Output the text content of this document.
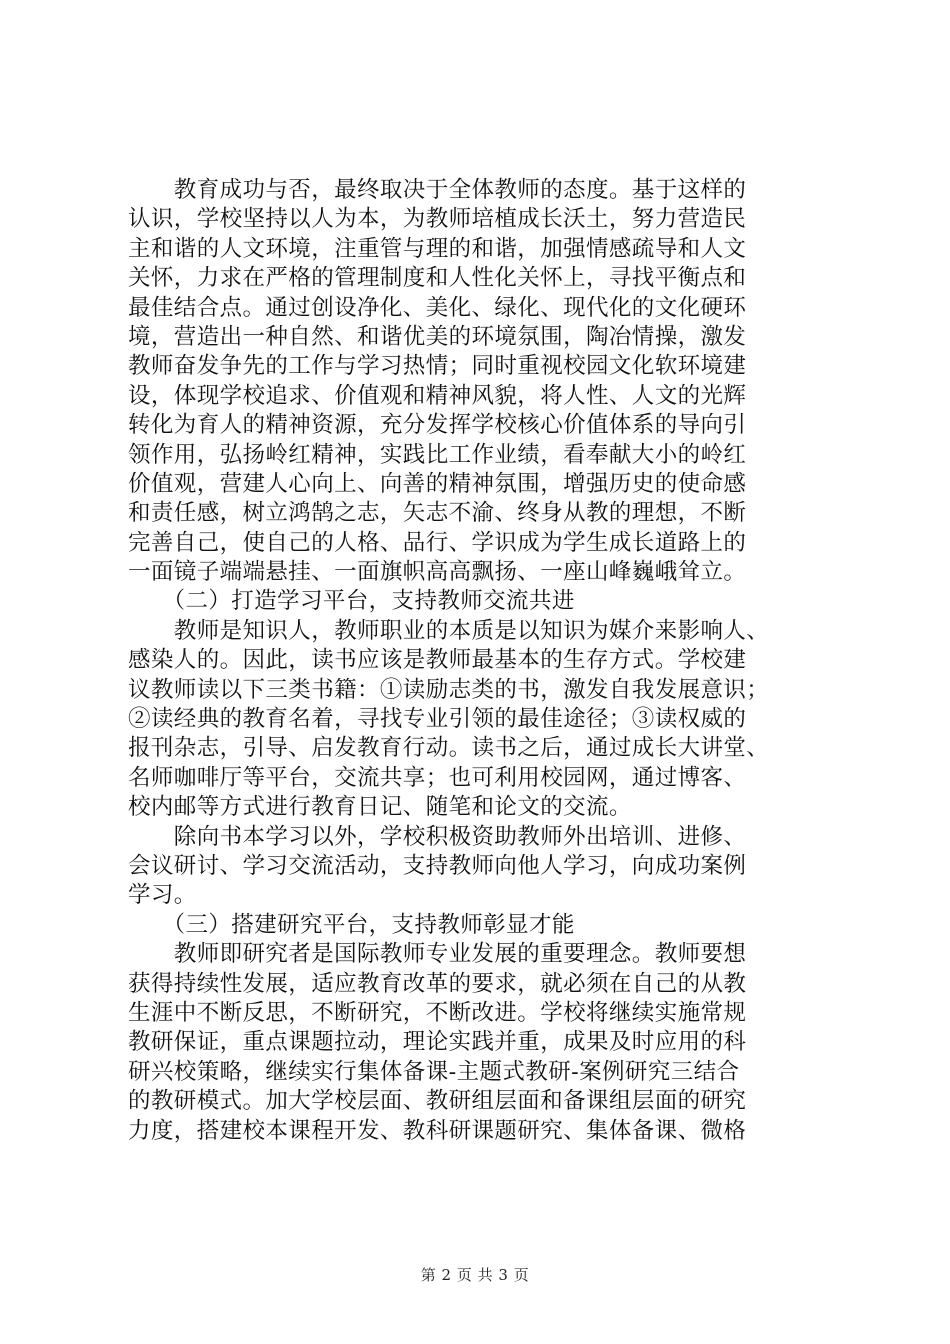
　　教育成功与否，最终取决于全体教师的态度。基于这样的
认识，学校坚持以人为本，为教师培植成长沃土，努力营造民
主和谐的人文环境，注重管与理的和谐，加强情感疏导和人文
关怀，力求在严格的管理制度和人性化关怀上，寻找平衡点和
最佳结合点。通过创设净化、美化、绿化、现代化的文化硬环
境，营造出一种自然、和谐优美的环境氛围，陶冶情操，激发
教师奋发争先的工作与学习热情；同时重视校园文化软环境建
设，体现学校追求、价值观和精神风貌，将人性、人文的光辉
转化为育人的精神资源，充分发挥学校核心价值体系的导向引
领作用，弘扬岭红精神，实践比工作业绩，看奉献大小的岭红
价值观，营建人心向上、向善的精神氛围，增强历史的使命感
和责任感，树立鸿鹄之志，矢志不渝、终身从教的理想，不断
完善自己，使自己的人格、品行、学识成为学生成长道路上的
一面镜子端端悬挂、一面旗帜高高飘扬、一座山峰巍峨耸立。
　　（二）打造学习平台，支持教师交流共进
　　教师是知识人，教师职业的本质是以知识为媒介来影响人、
感染人的。因此，读书应该是教师最基本的生存方式。学校建
议教师读以下三类书籍：①读励志类的书，激发自我发展意识；
②读经典的教育名着，寻找专业引领的最佳途径；③读权威的
报刊杂志，引导、启发教育行动。读书之后，通过成长大讲堂、
名师咖啡厅等平台，交流共享；也可利用校园网，通过博客、
校内邮等方式进行教育日记、随笔和论文的交流。
　　除向书本学习以外，学校积极资助教师外出培训、进修、
会议研讨、学习交流活动，支持教师向他人学习，向成功案例
学习。
　　（三）搭建研究平台，支持教师彰显才能
　　教师即研究者是国际教师专业发展的重要理念。教师要想
获得持续性发展，适应教育改革的要求，就必须在自己的从教
生涯中不断反思，不断研究，不断改进。学校将继续实施常规
教研保证，重点课题拉动，理论实践并重，成果及时应用的科
研兴校策略，继续实行集体备课-主题式教研-案例研究三结合
的教研模式。加大学校层面、教研组层面和备课组层面的研究
力度，搭建校本课程开发、教科研课题研究、集体备课、微格
第 2 页 共 3 页
